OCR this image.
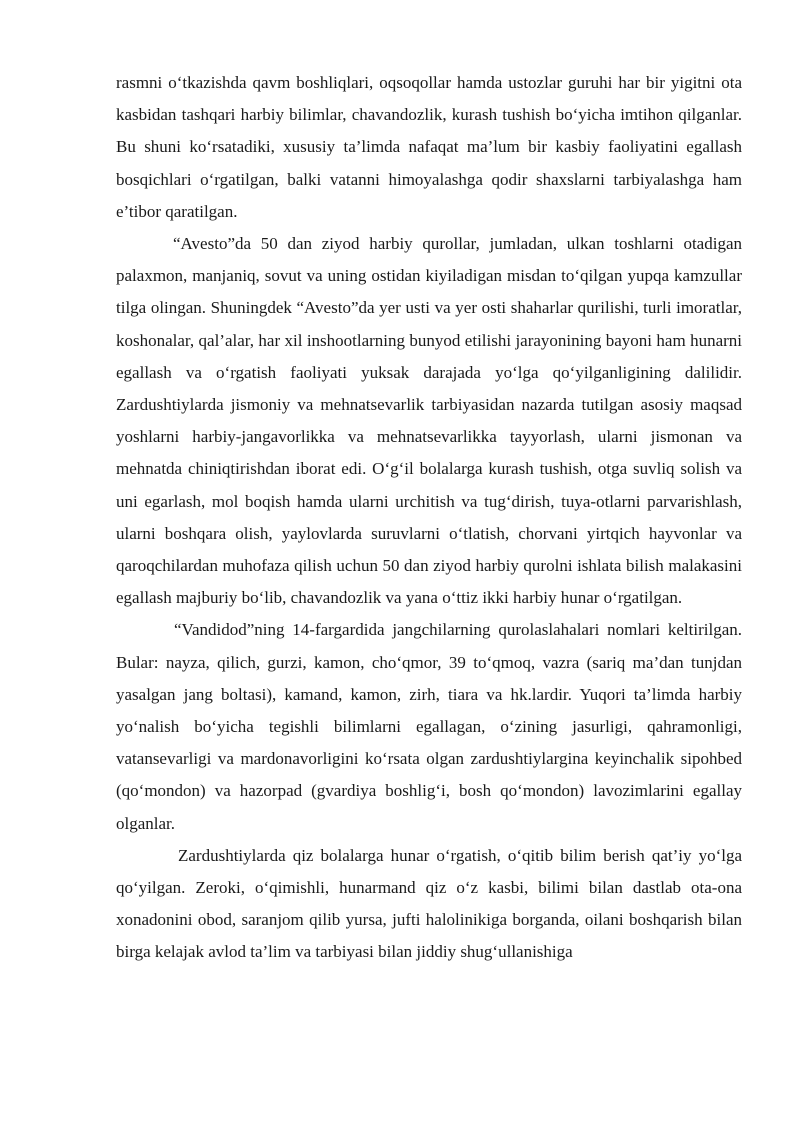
rasmni o‘tkazishda qavm boshliqlari, oqsoqollar hamda ustozlar guruhi har bir yigitni ota kasbidan tashqari harbiy bilimlar, chavandozlik, kurash tushish bo‘yicha imtihon qilganlar. Bu shuni ko‘rsatadiki, xususiy ta’limda nafaqat ma’lum bir kasbiy faoliyatini egallash bosqichlari o‘rgatilgan, balki vatanni himoyalashga qodir shaxslarni tarbiyalashga ham e’tibor qaratilgan.

“Avesto”da 50 dan ziyod harbiy qurollar, jumladan, ulkan toshlarni otadigan palaxmon, manjaniq, sovut va uning ostidan kiyiladigan misdan to‘qilgan yupqa kamzullar tilga olingan. Shuningdek “Avesto”da yer usti va yer osti shaharlar qurilishi, turli imoratlar, koshonalar, qal’alar, har xil inshootlarning bunyod etilishi jarayonining bayoni ham hunarni egallash va o‘rgatish faoliyati yuksak darajada yo‘lga qo‘yilganligining dalilidir. Zardushtiylarda jismoniy va mehnatsevarlik tarbiyasidan nazarda tutilgan asosiy maqsad yoshlarni harbiy-jangavorlikka va mehnatsevarlikka tayyorlash, ularni jismonan va mehnatda chiniqtirishdan iborat edi. O‘g‘il bolalarga kurash tushish, otga suvliq solish va uni egarlash, mol boqish hamda ularni urchitish va tug‘dirish, tuya-otlarni parvarishlash, ularni boshqara olish, yaylovlarda suruvlarni o‘tlatish, chorvani yirtqich hayvonlar va qaroqchilardan muhofaza qilish uchun 50 dan ziyod harbiy qurolni ishlata bilish malakasini egallash majburiy bo‘lib, chavandozlik va yana o‘ttiz ikki harbiy hunar o‘rgatilgan.

“Vandidod”ning 14-fargardida jangchilarning qurolaslahalari nomlari keltirilgan. Bular: nayza, qilich, gurzi, kamon, cho‘qmor, 39 to‘qmoq, vazra (sariq ma’dan tunjdan yasalgan jang boltasi), kamand, kamon, zirh, tiara va hk.lardir. Yuqori ta’limda harbiy yo‘nalish bo‘yicha tegishli bilimlarni egallagan, o‘zining jasurligi, qahramonligi, vatansevarligi va mardonavorligini ko‘rsata olgan zardushtiylargina keyinchalik sipohbed (qo‘mondon) va hazorpad (gvardiya boshlig‘i, bosh qo‘mondon) lavozimlarini egallay olganlar.

Zardushtiylarda qiz bolalarga hunar o‘rgatish, o‘qitib bilim berish qat’iy yo‘lga qo‘yilgan. Zeroki, o‘qimishli, hunarmand qiz o‘z kasbi, bilimi bilan dastlab ota-ona xonadonini obod, saranjom qilib yursa, jufti halolinikiga borganda, oilani boshqarish bilan birga kelajak avlod ta’lim va tarbiyasi bilan jiddiy shug‘ullanishiga
